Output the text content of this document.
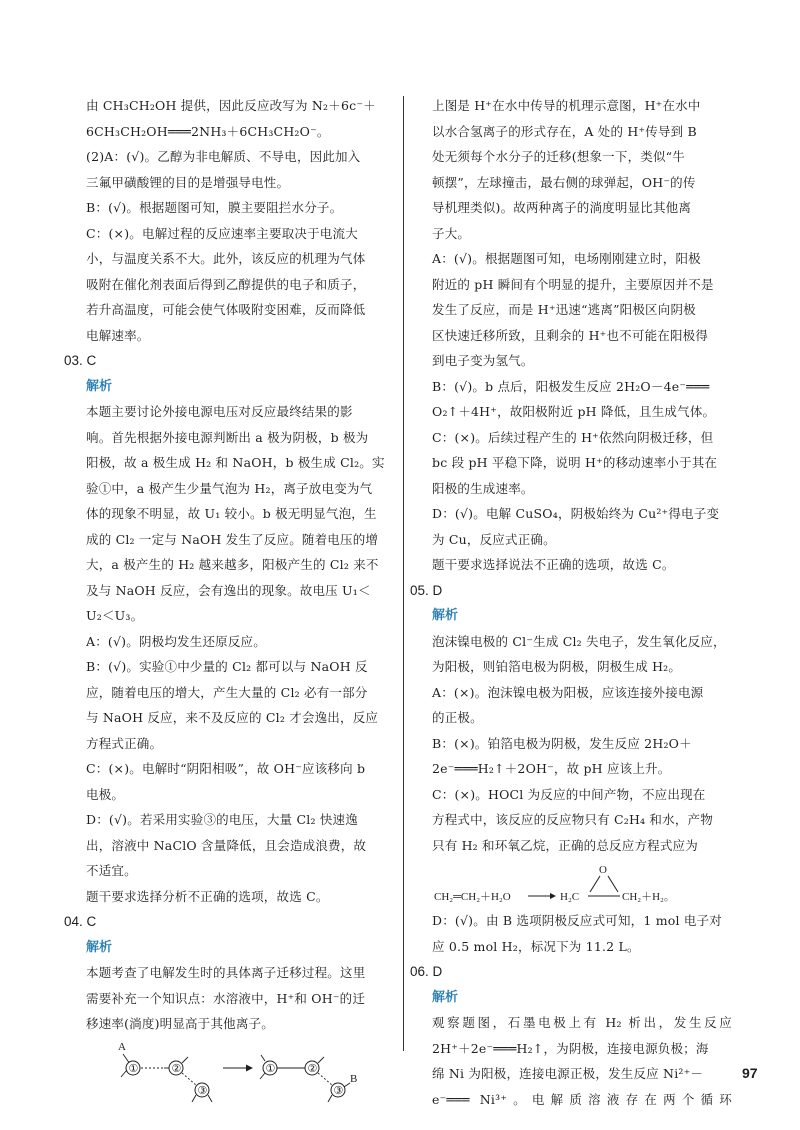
由 CH₃CH₂OH 提供，因此反应改写为 N₂＋6c⁻＋
6CH₃CH₂OH═══2NH₃＋6CH₃CH₂O⁻。
(2)A：(√)。乙醇为非电解质、不导电，因此加入
三氟甲磺酸锂的目的是增强导电性。
B：(√)。根据题图可知，膜主要阻拦水分子。
C：(×)。电解过程的反应速率主要取决于电流大
小，与温度关系不大。此外，该反应的机理为气体
吸附在催化剂表面后得到乙醇提供的电子和质子，
若升高温度，可能会使气体吸附变困难，反而降低
电解速率。
03. C
解析
本题主要讨论外接电源电压对反应最终结果的影
响。首先根据外接电源判断出 a 极为阴极，b 极为
阳极，故 a 极生成 H₂ 和 NaOH，b 极生成 Cl₂。实
验①中，a 极产生少量气泡为 H₂，离子放电变为气
体的现象不明显，故 U₁ 较小。b 极无明显气泡，生
成的 Cl₂ 一定与 NaOH 发生了反应。随着电压的增
大，a 极产生的 H₂ 越来越多，阳极产生的 Cl₂ 来不
及与 NaOH 反应，会有逸出的现象。故电压 U₁＜
U₂＜U₃。
A：(√)。阴极均发生还原反应。
B：(√)。实验①中少量的 Cl₂ 都可以与 NaOH 反
应，随着电压的增大，产生大量的 Cl₂ 必有一部分
与 NaOH 反应，来不及反应的 Cl₂ 才会逸出，反应
方程式正确。
C：(×)。电解时“阴阳相吸”，故 OH⁻应该移向 b
电极。
D：(√)。若采用实验③的电压，大量 Cl₂ 快速逸
出，溶液中 NaClO 含量降低，且会造成浪费，故
不适宜。
题干要求选择分析不正确的选项，故选 C。
04. C
解析
本题考查了电解发生时的具体离子迁移过程。这里
需要补充一个知识点：水溶液中，H⁺和 OH⁻的迁
移速率(淌度)明显高于其他离子。
A
①	②
③
①	②
③
B
上图是 H⁺在水中传导的机理示意图，H⁺在水中
以水合氢离子的形式存在，A 处的 H⁺传导到 B
处无须每个水分子的迁移(想象一下，类似“牛
顿摆”，左球撞击，最右侧的球弹起，OH⁻的传
导机理类似)。故两种离子的淌度明显比其他离
子大。
A：(√)。根据题图可知，电场刚刚建立时，阳极
附近的 pH 瞬间有个明显的提升，主要原因并不是
发生了反应，而是 H⁺迅速“逃离”阳极区向阴极
区快速迁移所致，且剩余的 H⁺也不可能在阳极得
到电子变为氢气。
B：(√)。b 点后，阳极发生反应 2H₂O－4e⁻═══
O₂↑＋4H⁺，故阳极附近 pH 降低，且生成气体。
C：(×)。后续过程产生的 H⁺依然向阴极迁移，但
bc 段 pH 平稳下降，说明 H⁺的移动速率小于其在
阳极的生成速率。
D：(√)。电解 CuSO₄，阴极始终为 Cu²⁺得电子变
为 Cu，反应式正确。
题干要求选择说法不正确的选项，故选 C。
05. D
解析
泡沫镍电极的 Cl⁻生成 Cl₂ 失电子，发生氧化反应，
为阳极，则铂箔电极为阴极，阴极生成 H₂。
A：(×)。泡沫镍电极为阳极，应该连接外接电源
的正极。
B：(×)。铂箔电极为阴极，发生反应 2H₂O＋
2e⁻═══H₂↑＋2OH⁻，故 pH 应该上升。
C：(×)。HOCl 为反应的中间产物，不应出现在
方程式中，该反应的反应物只有 C₂H₄ 和水，产物
只有 H₂ 和环氧乙烷，正确的总反应方程式应为
CH₂═CH₂＋H₂O	H₂C
O
CH₂＋H₂。
D：(√)。由 B 选项阴极反应式可知，1 mol 电子对
应 0.5 mol H₂，标况下为 11.2 L。
06. D
解析
观察题图，石墨电极上有 H₂ 析出，发生反应
2H⁺＋2e⁻═══H₂↑，为阴极，连接电源负极；海
绵 Ni 为阳极，连接电源正极，发生反应 Ni²⁺－
e⁻═══ Ni³⁺。电解质溶液存在两个循环
97
